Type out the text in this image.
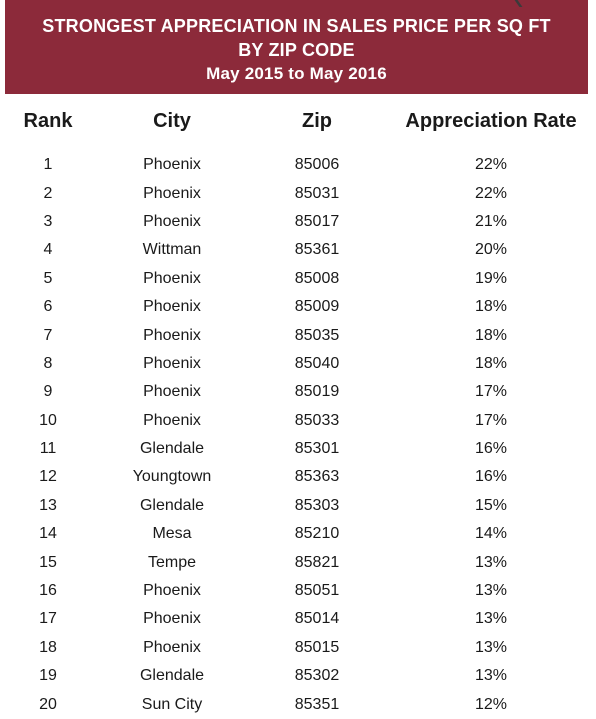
STRONGEST APPRECIATION IN SALES PRICE PER SQ FT
BY ZIP CODE
May 2015 to May 2016
Rank	City	Zip	Appreciation Rate

1	Phoenix	85006	22%
2	Phoenix	85031	22%
3	Phoenix	85017	21%
4	Wittman	85361	20%
5	Phoenix	85008	19%
6	Phoenix	85009	18%
7	Phoenix	85035	18%
8	Phoenix	85040	18%
9	Phoenix	85019	17%
10	Phoenix	85033	17%
11	Glendale	85301	16%
12	Youngtown	85363	16%
13	Glendale	85303	15%
14	Mesa	85210	14%
15	Tempe	85821	13%
16	Phoenix	85051	13%
17	Phoenix	85014	13%
18	Phoenix	85015	13%
19	Glendale	85302	13%
20	Sun City	85351	12%
